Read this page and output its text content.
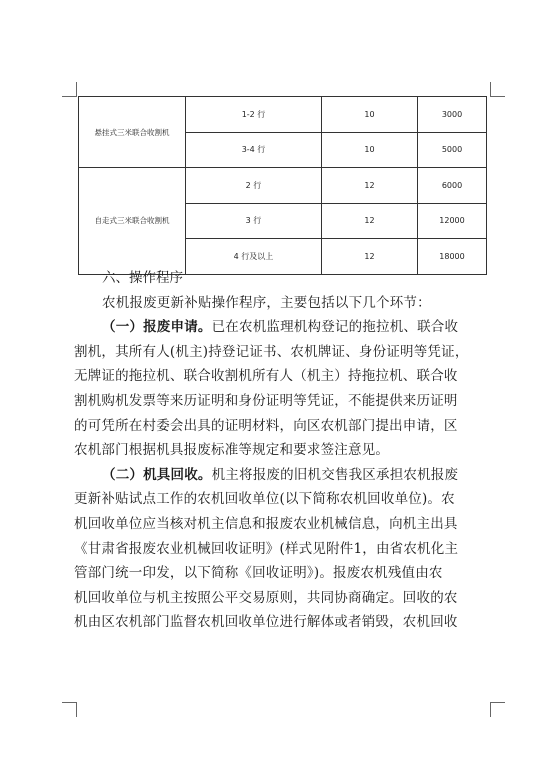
悬挂式三米联合收割机	1-2 行	10	3000
	3-4 行	10	5000
自走式三米联合收割机	2 行	12	6000
	3 行	12	12000
	4 行及以上	12	18000
六、操作程序
农机报废更新补贴操作程序，主要包括以下几个环节：
（一）报废申请。已在农机监理机构登记的拖拉机、联合收
割机，其所有人(机主)持登记证书、农机牌证、身份证明等凭证，
无牌证的拖拉机、联合收割机所有人（机主）持拖拉机、联合收
割机购机发票等来历证明和身份证明等凭证，不能提供来历证明
的可凭所在村委会出具的证明材料，向区农机部门提出申请，区
农机部门根据机具报废标准等规定和要求签注意见。
（二）机具回收。机主将报废的旧机交售我区承担农机报废
更新补贴试点工作的农机回收单位(以下简称农机回收单位)。农
机回收单位应当核对机主信息和报废农业机械信息，向机主出具
《甘肃省报废农业机械回收证明》(样式见附件1，由省农机化主
管部门统一印发，以下简称《回收证明》)。报废农机残值由农
机回收单位与机主按照公平交易原则，共同协商确定。回收的农
机由区农机部门监督农机回收单位进行解体或者销毁，农机回收
